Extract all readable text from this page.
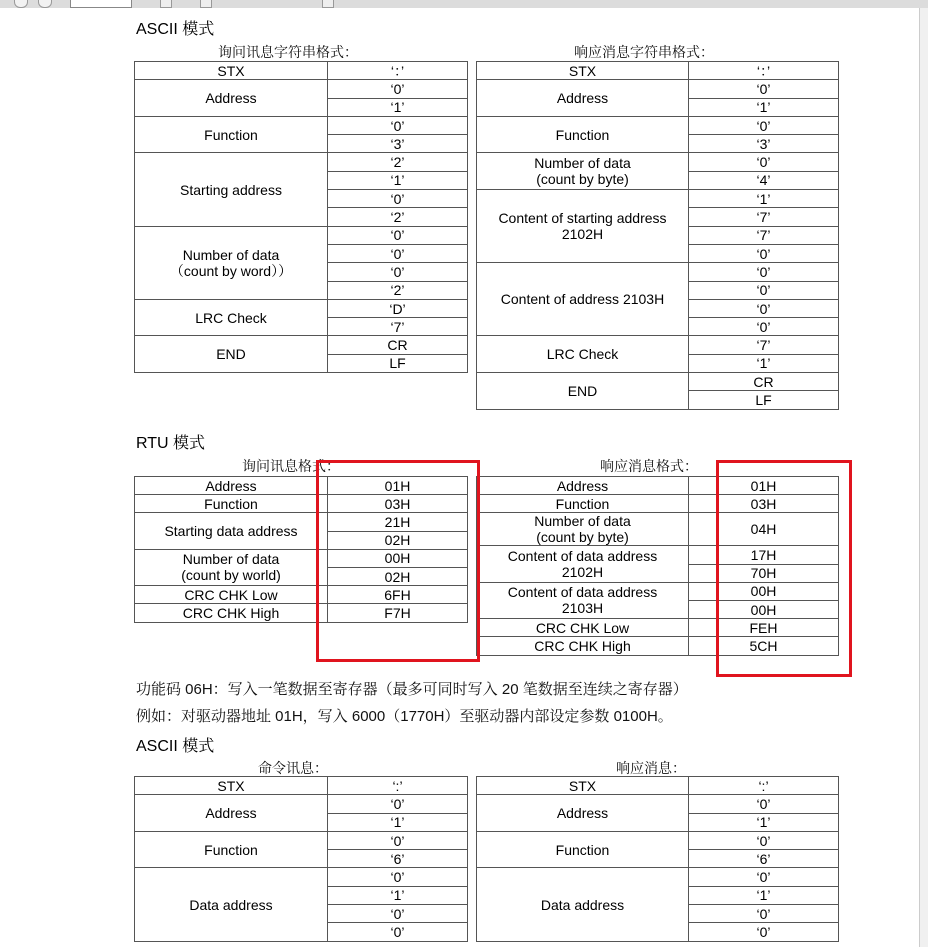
ASCII 模式
询问讯息字符串格式：	响应消息字符串格式：
STX	‘：’
Address	‘0’
	‘1’
Function	‘0’
	‘3’
Starting address	‘2’
	‘1’
	‘0’
	‘2’
Number of data
（count by word））	‘0’
	‘0’
	‘0’
	‘2’
LRC Check	‘D’
	‘7’
END	CR
	LF
STX	‘：’
Address	‘0’
	‘1’
Function	‘0’
	‘3’
Number of data
(count by byte)	‘0’
	‘4’
Content of starting address
2102H	‘1’
	‘7’
	‘7’
	‘0’
Content of address 2103H	‘0’
	‘0’
	‘0’
	‘0’
LRC Check	‘7’
	‘1’
END	CR
	LF
RTU 模式
询问讯息格式：	响应消息格式：
Address	01H
Function	03H
Starting data address	21H
	02H
Number of data
(count by world)	00H
	02H
CRC CHK Low	6FH
CRC CHK High	F7H
Address	01H
Function	03H
Number of data
(count by byte)	04H
Content of data address
2102H	17H
	70H
Content of data address
2103H	00H
	00H
CRC CHK Low	FEH
CRC CHK High	5CH
功能码 06H：写入一笔数据至寄存器（最多可同时写入 20 笔数据至连续之寄存器）
例如：对驱动器地址 01H，写入 6000（1770H）至驱动器内部设定参数 0100H。
ASCII 模式
命令讯息：	响应消息：
STX	‘:’
Address	‘0’
	‘1’
Function	‘0’
	‘6’
Data address	‘0’
	‘1’
	‘0’
	‘0’
STX	‘:’
Address	‘0’
	‘1’
Function	‘0’
	‘6’
Data address	‘0’
	‘1’
	‘0’
	‘0’
